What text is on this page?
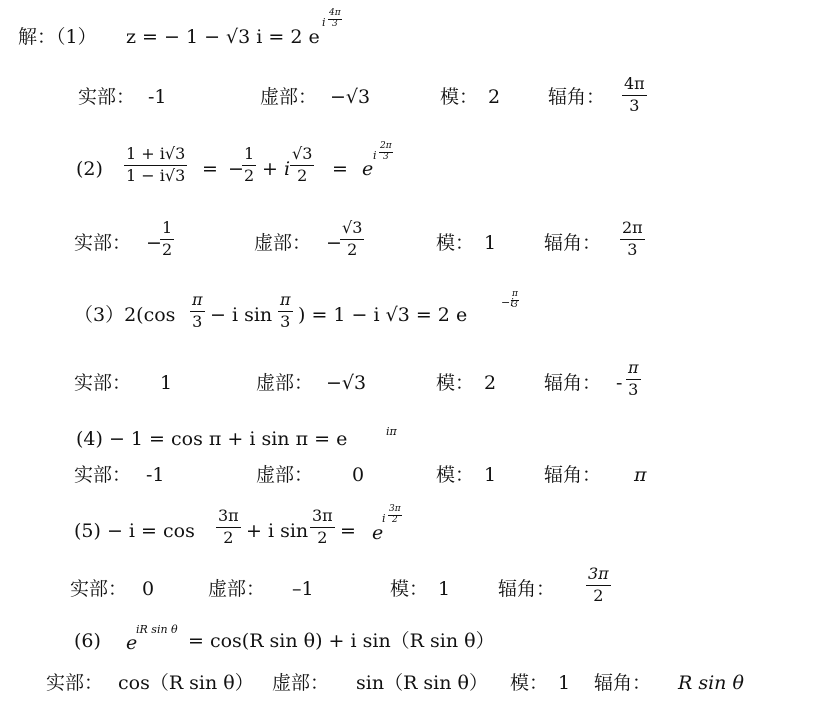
解：（1） z = − 1 − √3 i = 2 e
i $\frac{4\pi}{3}$
实部： -1	虚部： −√3	模： 2	辐角： $\frac{4\pi}{3}$
$(2) \frac{1 + i√3}{1 - i√3}$ = −
$\frac{1}{2} + i \frac{√3}{2} = e$
i $\frac{2\pi}{3}$
实部： −
$\frac{1}{2}$	虚部： −
$\frac{√3}{2}$	模： 1	辐角： $\frac{2\pi}{3}$
$(3)2(\cos \frac{\pi}{3} - i$ $\sin \frac{\pi}{3}$ ) = 1 − i √3 = 2 e
−i
$\frac{\pi}{3}$
实部： 1	虚部： −√3	模： 2	辐角： - $\frac{\pi}{3}$
(4) − 1 = cos π + i sin π = e	iπ
实部： -1	虚部： 0	模： 1	辐角： π
$(5) - i = \cos \frac{3\pi}{2} + i$ $\sin \frac{3\pi}{2} = e$
i $\frac{3\pi}{2}$
实部： 0	虚部： –1	模： 1	辐角： $\frac{3\pi}{2}$
(6) e
iR sin θ
= cos(R sin θ) + i sin（R sin θ）
实部： cos（R sin θ） 虚部： sin（R sin θ） 模： 1 辐角： R sin θ
